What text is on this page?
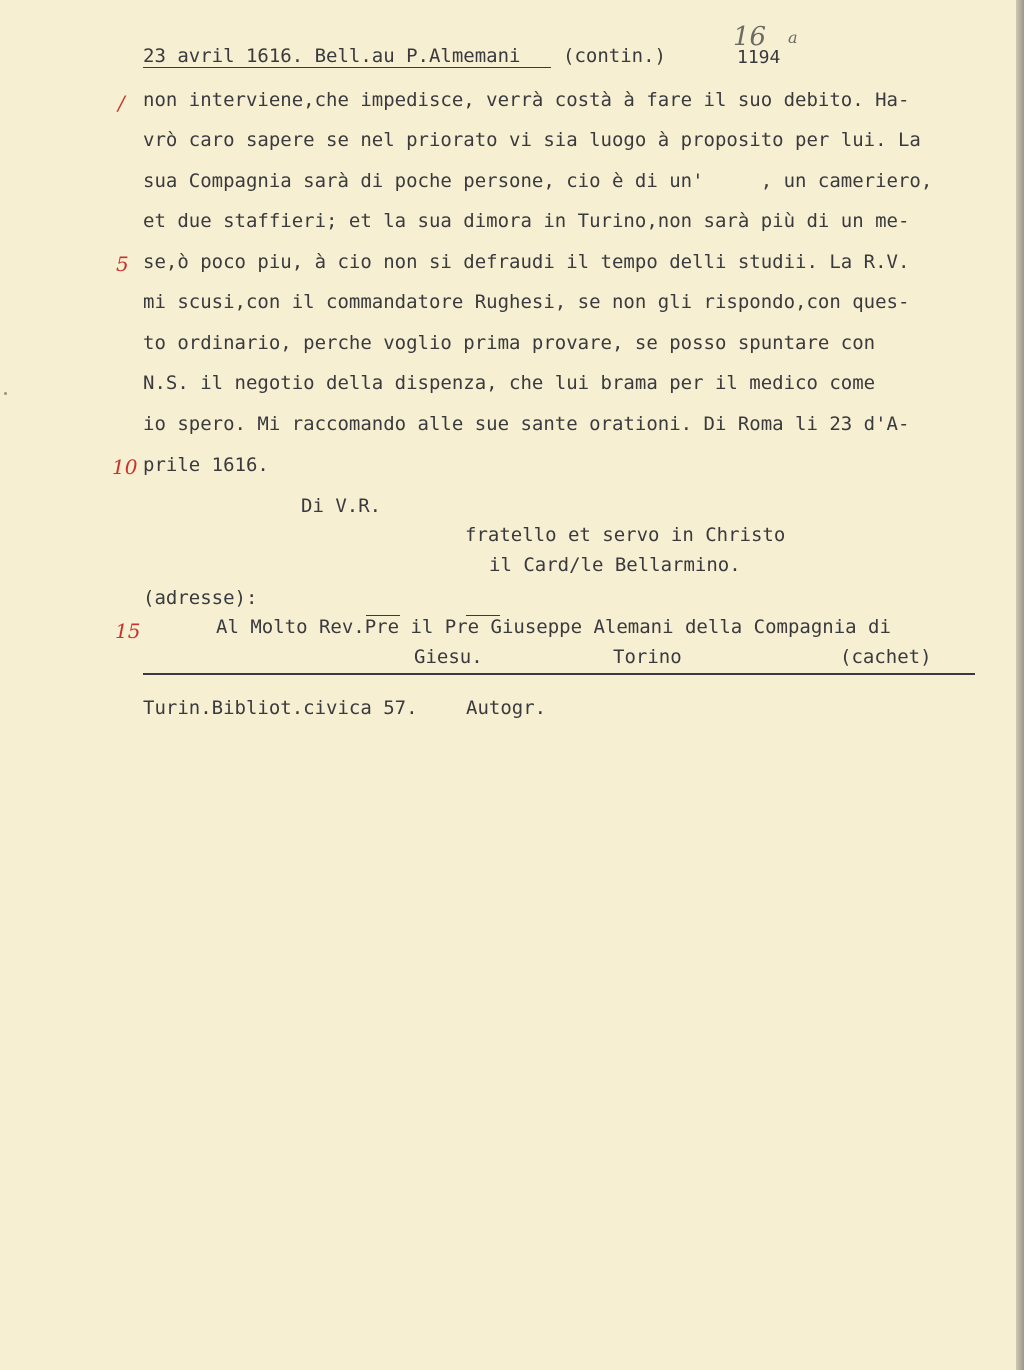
23 avril 1616. Bell.au P.Almemani (contin.)
16 a
1194
non interviene,che impedisce, verrà costà à fare il suo debito. Ha-
vrò caro sapere se nel priorato vi sia luogo à proposito per lui. La
sua Compagnia sarà di poche persone, cio è di un'     , un cameriero,
et due staffieri; et la sua dimora in Turino,non sarà più di un me-
se,ò poco piu, à cio non si defraudi il tempo delli studii. La R.V.
mi scusi,con il commandatore Rughesi, se non gli rispondo,con ques-
to ordinario, perche voglio prima provare, se posso spuntare con
N.S. il negotio della dispenza, che lui brama per il medico come
io spero. Mi raccomando alle sue sante orationi. Di Roma li 23 d'A-
prile 1616.
/
5
10
15
Di V.R.
fratello et servo in Christo
il Card/le Bellarmino.
(adresse):
Al Molto Rev.Pre il Pre Giuseppe Alemani della Compagnia di
Giesu.	Torino	(cachet)
Turin.Bibliot.civica 57.	Autogr.
